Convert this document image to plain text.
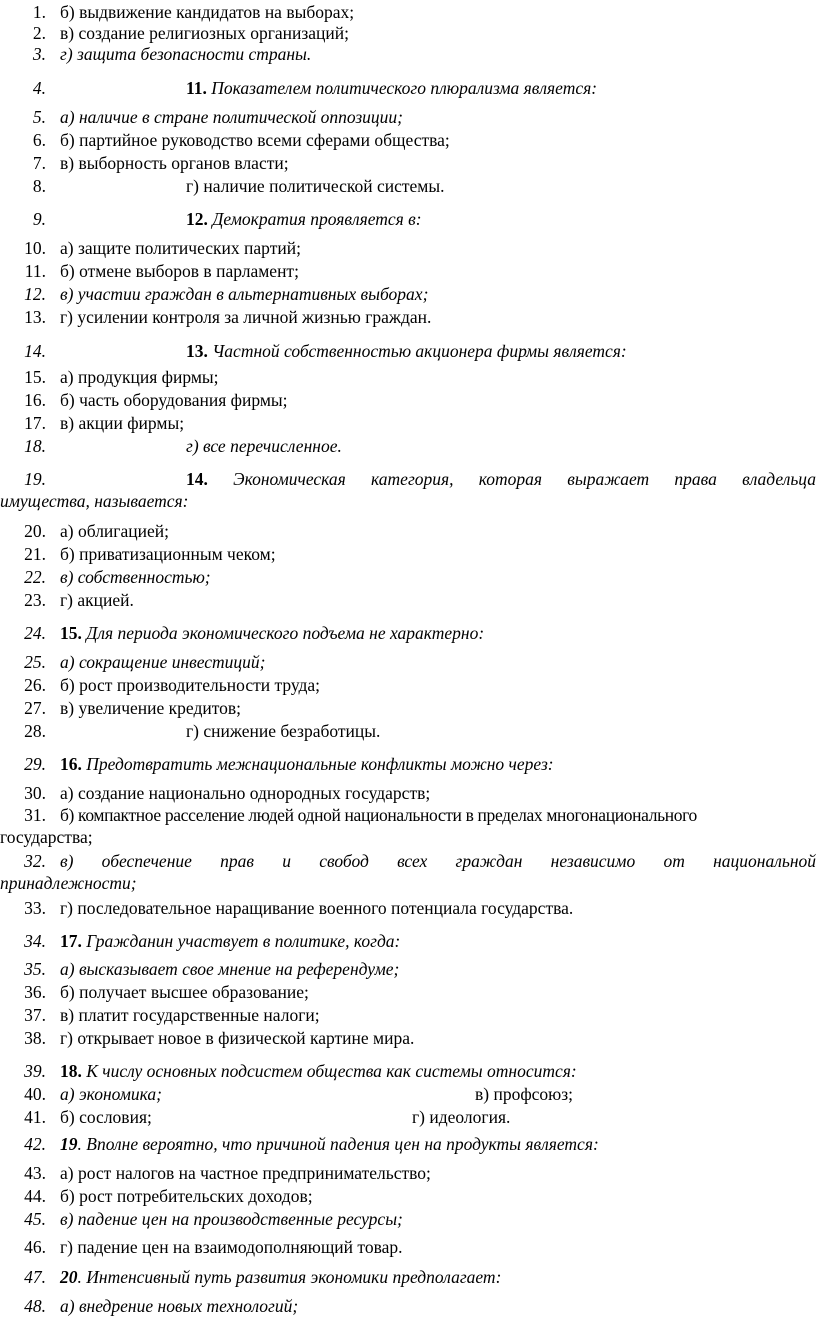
1. б) выдвижение кандидатов на выборах;
2. в) создание религиозных организаций;
3. г) защита безопасности страны.
4.	11. Показателем политического плюрализма является:
5. а) наличие в стране политической оппозиции;
6. б) партийное руководство всеми сферами общества;
7. в) выборность органов власти;
8.	г) наличие политической системы.
9.	12. Демократия проявляется в:
10. а) защите политических партий;
11. б) отмене выборов в парламент;
12. в) участии граждан в альтернативных выборах;
13. г) усилении контроля за личной жизнью граждан.
14.	13. Частной собственностью акционера фирмы является:
15. а) продукция фирмы;
16. б) часть оборудования фирмы;
17. в) акции фирмы;
18.	г) все перечисленное.
19.	14. Экономическая категория, которая выражает права владельца
имущества, называется:
20. а) облигацией;
21. б) приватизационным чеком;
22. в) собственностью;
23. г) акцией.
24. 15. Для периода экономического подъема не характерно:
25. а) сокращение инвестиций;
26. б) рост производительности труда;
27. в) увеличение кредитов;
28.	г) снижение безработицы.
29. 16. Предотвратить межнациональные конфликты можно через:
30. а) создание национально однородных государств;
31. б) компактное расселение людей одной национальности в пределах многонационального
государства;
32. в) обеспечение прав и свобод всех граждан независимо от национальной
принадлежности;
33. г) последовательное наращивание военного потенциала государства.
34. 17. Гражданин участвует в политике, когда:
35. а) высказывает свое мнение на референдуме;
36. б) получает высшее образование;
37. в) платит государственные налоги;
38. г) открывает новое в физической картине мира.
39. 18. К числу основных подсистем общества как системы относится:
40. а) экономика;	в) профсоюз;
41. б) сословия;	г) идеология.
42. 19. Вполне вероятно, что причиной падения цен на продукты является:
43. а) рост налогов на частное предпринимательство;
44. б) рост потребительских доходов;
45. в) падение цен на производственные ресурсы;
46. г) падение цен на взаимодополняющий товар.
47. 20. Интенсивный путь развития экономики предполагает:
48. а) внедрение новых технологий;
